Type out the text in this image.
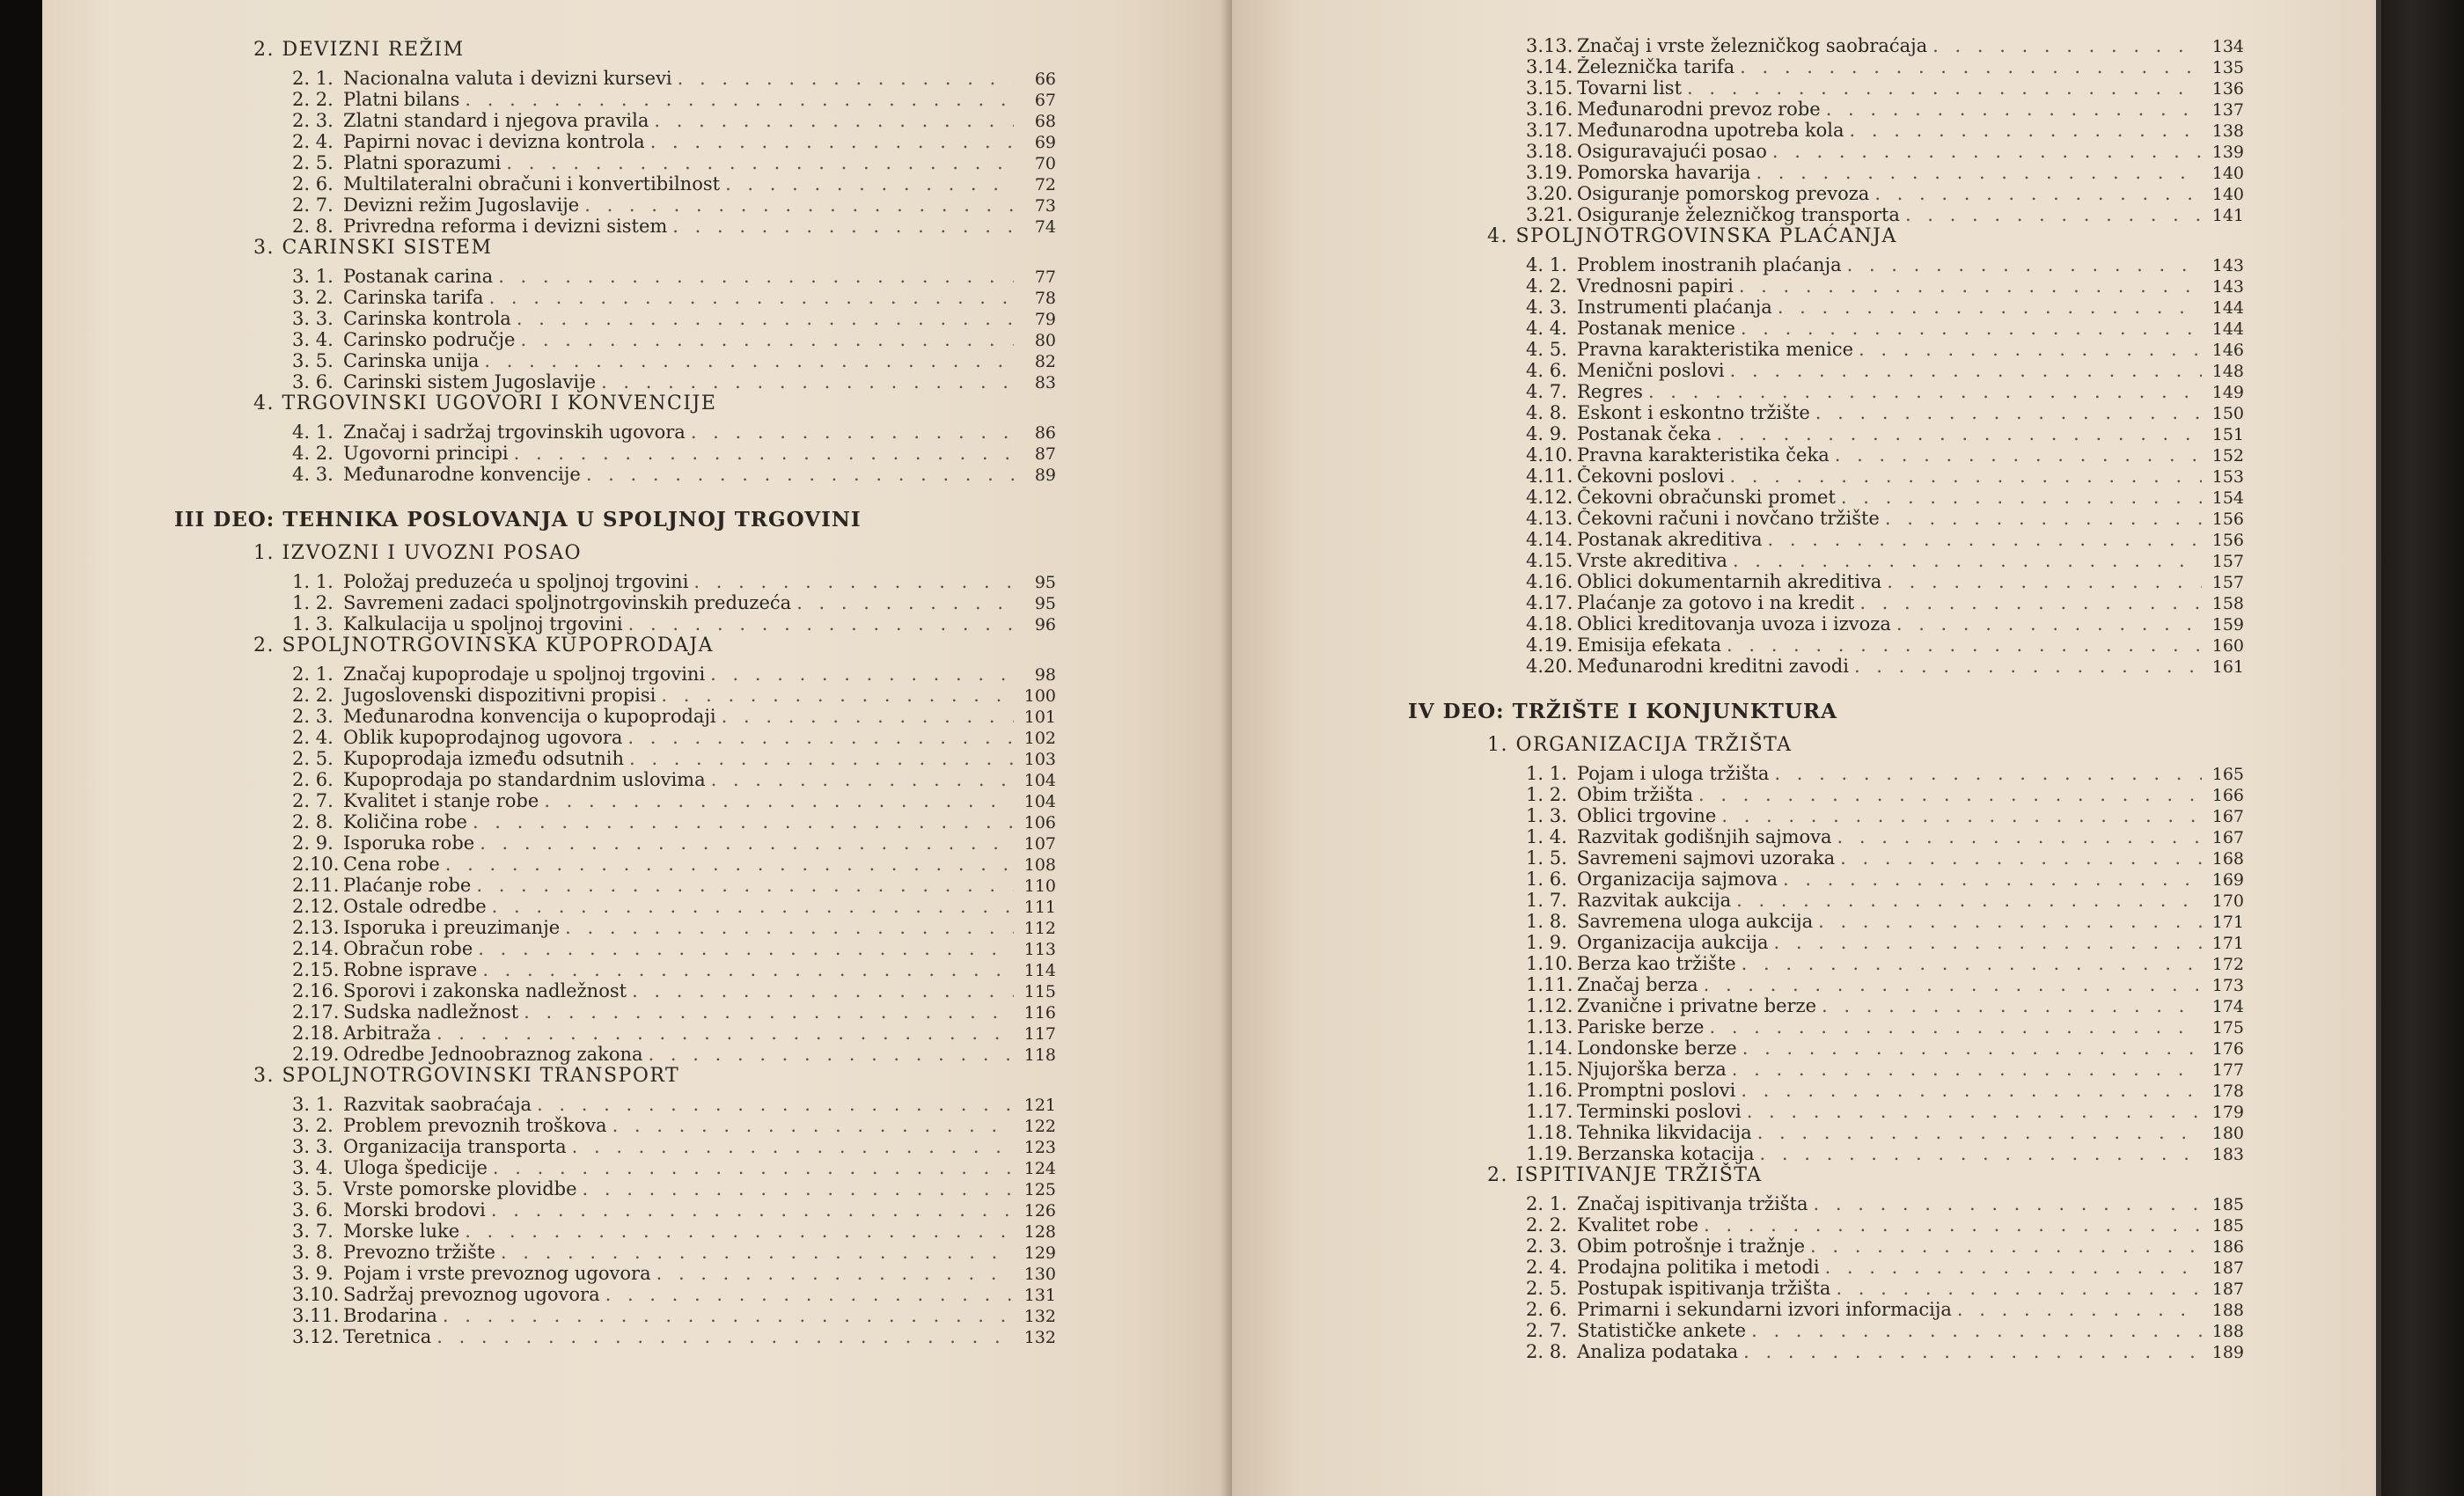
2. DEVIZNI REŽIM
2. 1. Nacionalna valuta i devizni kursevi . . .	66
2. 2. Platni bilans . . .	67
2. 3. Zlatni standard i njegova pravila . . .	68
2. 4. Papirni novac i devizna kontrola . . .	69
2. 5. Platni sporazumi . . .	70
2. 6. Multilateralni obračuni i konvertibilnost . . .	72
2. 7. Devizni režim Jugoslavije . . .	73
2. 8. Privredna reforma i devizni sistem . . .	74
3. CARINSKI SISTEM
3. 1. Postanak carina . . .	77
3. 2. Carinska tarifa . . .	78
3. 3. Carinska kontrola . . .	79
3. 4. Carinsko područje . . .	80
3. 5. Carinska unija . . .	82
3. 6. Carinski sistem Jugoslavije . . .	83
4. TRGOVINSKI UGOVORI I KONVENCIJE
4. 1. Značaj i sadržaj trgovinskih ugovora . . .	86
4. 2. Ugovorni principi . . .	87
4. 3. Međunarodne konvencije . . .	89
III DEO: TEHNIKA POSLOVANJA U SPOLJNOJ TRGOVINI
1. IZVOZNI I UVOZNI POSAO
1. 1. Položaj preduzeća u spoljnoj trgovini . . .	95
1. 2. Savremeni zadaci spoljnotrgovinskih preduzeća . . .	95
1. 3. Kalkulacija u spoljnoj trgovini . . .	96
2. SPOLJNOTRGOVINSKA KUPOPRODAJA
2. 1. Značaj kupoprodaje u spoljnoj trgovini . . .	98
2. 2. Jugoslovenski dispozitivni propisi . . .	100
2. 3. Međunarodna konvencija o kupoprodaji . . .	101
2. 4. Oblik kupoprodajnog ugovora . . .	102
2. 5. Kupoprodaja između odsutnih . . .	103
2. 6. Kupoprodaja po standardnim uslovima . . .	104
2. 7. Kvalitet i stanje robe . . .	104
2. 8. Količina robe . . .	106
2. 9. Isporuka robe . . .	107
2.10. Cena robe . . .	108
2.11. Plaćanje robe . . .	110
2.12. Ostale odredbe . . .	111
2.13. Isporuka i preuzimanje . . .	112
2.14. Obračun robe . . .	113
2.15. Robne isprave . . .	114
2.16. Sporovi i zakonska nadležnost . . .	115
2.17. Sudska nadležnost . . .	116
2.18. Arbitraža . . .	117
2.19. Odredbe Jednoobraznog zakona . . .	118
3. SPOLJNOTRGOVINSKI TRANSPORT
3. 1. Razvitak saobraćaja . . .	121
3. 2. Problem prevoznih troškova . . .	122
3. 3. Organizacija transporta . . .	123
3. 4. Uloga špedicije . . .	124
3. 5. Vrste pomorske plovidbe . . .	125
3. 6. Morski brodovi . . .	126
3. 7. Morske luke . . .	128
3. 8. Prevozno tržište . . .	129
3. 9. Pojam i vrste prevoznog ugovora . . .	130
3.10. Sadržaj prevoznog ugovora . . .	131
3.11. Brodarina . . .	132
3.12. Teretnica . . .	132
3.13. Značaj i vrste železničkog saobraćaja . . .	134
3.14. Železnička tarifa . . .	135
3.15. Tovarni list . . .	136
3.16. Međunarodni prevoz robe . . .	137
3.17. Međunarodna upotreba kola . . .	138
3.18. Osiguravajući posao . . .	139
3.19. Pomorska havarija . . .	140
3.20. Osiguranje pomorskog prevoza . . .	140
3.21. Osiguranje železničkog transporta . . .	141
4. SPOLJNOTRGOVINSKA PLAĆANJA
4. 1. Problem inostranih plaćanja . . .	143
4. 2. Vrednosni papiri . . .	143
4. 3. Instrumenti plaćanja . . .	144
4. 4. Postanak menice . . .	144
4. 5. Pravna karakteristika menice . . .	146
4. 6. Menični poslovi . . .	148
4. 7. Regres . . .	149
4. 8. Eskont i eskontno tržište . . .	150
4. 9. Postanak čeka . . .	151
4.10. Pravna karakteristika čeka . . .	152
4.11. Čekovni poslovi . . .	153
4.12. Čekovni obračunski promet . . .	154
4.13. Čekovni računi i novčano tržište . . .	156
4.14. Postanak akreditiva . . .	156
4.15. Vrste akreditiva . . .	157
4.16. Oblici dokumentarnih akreditiva . . .	157
4.17. Plaćanje za gotovo i na kredit . . .	158
4.18. Oblici kreditovanja uvoza i izvoza . . .	159
4.19. Emisija efekata . . .	160
4.20. Međunarodni kreditni zavodi . . .	161
IV DEO: TRŽIŠTE I KONJUNKTURA
1. ORGANIZACIJA TRŽIŠTA
1. 1. Pojam i uloga tržišta . . .	165
1. 2. Obim tržišta . . .	166
1. 3. Oblici trgovine . . .	167
1. 4. Razvitak godišnjih sajmova . . .	167
1. 5. Savremeni sajmovi uzoraka . . .	168
1. 6. Organizacija sajmova . . .	169
1. 7. Razvitak aukcija . . .	170
1. 8. Savremena uloga aukcija . . .	171
1. 9. Organizacija aukcija . . .	171
1.10. Berza kao tržište . . .	172
1.11. Značaj berza . . .	173
1.12. Zvanične i privatne berze . . .	174
1.13. Pariske berze . . .	175
1.14. Londonske berze . . .	176
1.15. Njujorška berza . . .	177
1.16. Promptni poslovi . . .	178
1.17. Terminski poslovi . . .	179
1.18. Tehnika likvidacija . . .	180
1.19. Berzanska kotacija . . .	183
2. ISPITIVANJE TRŽIŠTA
2. 1. Značaj ispitivanja tržišta . . .	185
2. 2. Kvalitet robe . . .	185
2. 3. Obim potrošnje i tražnje . . .	186
2. 4. Prodajna politika i metodi . . .	187
2. 5. Postupak ispitivanja tržišta . . .	187
2. 6. Primarni i sekundarni izvori informacija . . .	188
2. 7. Statističke ankete . . .	188
2. 8. Analiza podataka . . .	189
